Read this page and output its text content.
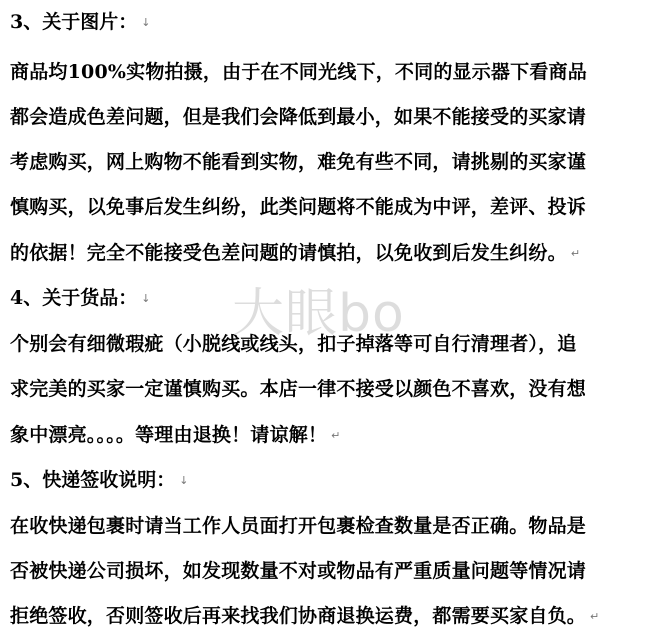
3、关于图片： ↓
商品均100%实物拍摄，由于在不同光线下，不同的显示器下看商品
都会造成色差问题，但是我们会降低到最小，如果不能接受的买家请
考虑购买，网上购物不能看到实物，难免有些不同，请挑剔的买家谨
慎购买，以免事后发生纠纷，此类问题将不能成为中评，差评、投诉
的依据！完全不能接受色差问题的请慎拍，以免收到后发生纠纷。 ↵
4、关于货品： ↓
个别会有细微瑕疵（小脱线或线头，扣子掉落等可自行清理者），追
求完美的买家一定谨慎购买。本店一律不接受以颜色不喜欢，没有想
象中漂亮。。。。等理由退换！请谅解！ ↵
5、快递签收说明： ↓
在收快递包裹时请当工作人员面打开包裹检查数量是否正确。物品是
否被快递公司损坏，如发现数量不对或物品有严重质量问题等情况请
拒绝签收，否则签收后再来找我们协商退换运费，都需要买家自负。 ↵
大眼bo
